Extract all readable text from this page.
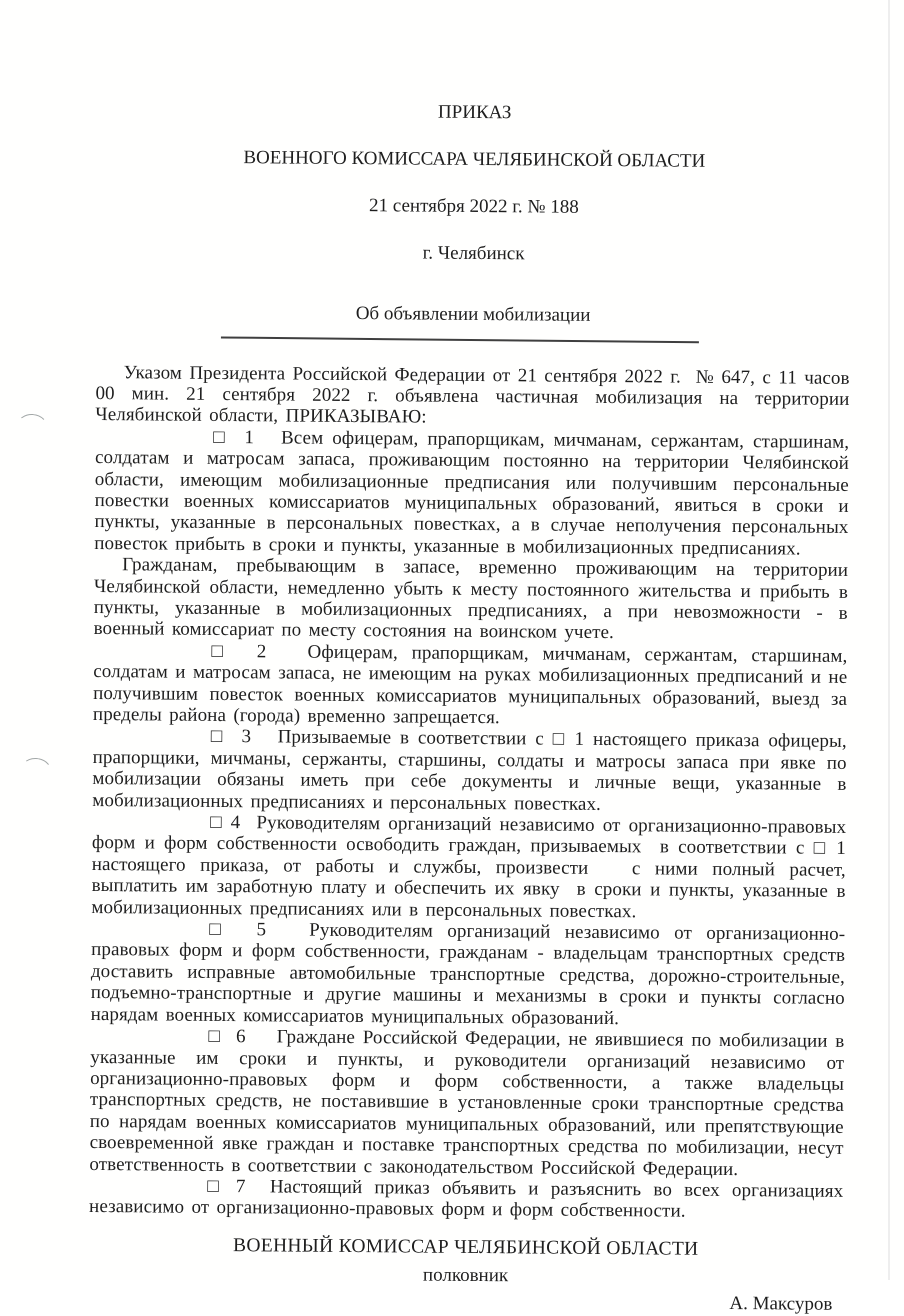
ПРИКАЗ

ВОЕННОГО КОМИССАРА ЧЕЛЯБИНСКОЙ ОБЛАСТИ

21 сентября 2022 г. № 188

г. Челябинск

Об объявлении мобилизации

Указом Президента Российской Федерации от 21 сентября 2022 г.  № 647, с 11 часов 00 мин. 21 сентября 2022 г. объявлена частичная мобилизация на территории Челябинской области, ПРИКАЗЫВАЮ:

□  1   Всем офицерам, прапорщикам, мичманам, сержантам, старшинам, солдатам и матросам запаса, проживающим постоянно на территории Челябинской области, имеющим мобилизационные предписания или получившим персональные повестки военных комиссариатов муниципальных образований, явиться в сроки и пункты, указанные в персональных повестках, а в случае неполучения персональных повесток прибыть в сроки и пункты, указанные в мобилизационных предписаниях.

Гражданам, пребывающим в запасе, временно проживающим на территории Челябинской области, немедленно убыть к месту постоянного жительства и прибыть в пункты, указанные в мобилизационных предписаниях, а при невозможности - в военный комиссариат по месту состояния на воинском учете.

□  2   Офицерам, прапорщикам, мичманам, сержантам, старшинам, солдатам и матросам запаса, не имеющим на руках мобилизационных предписаний и не получившим повесток военных комиссариатов муниципальных образований, выезд за пределы района (города) временно запрещается.

□  3   Призываемые в соответствии с □ 1 настоящего приказа офицеры, прапорщики, мичманы, сержанты, старшины, солдаты и матросы запаса при явке по мобилизации обязаны иметь при себе документы и личные вещи, указанные в мобилизационных предписаниях и персональных повестках.

□ 4  Руководителям организаций независимо от организационно-правовых форм и форм собственности освободить граждан, призываемых  в соответствии с □ 1 настоящего приказа, от работы и службы, произвести   с ними полный расчет, выплатить им заработную плату и обеспечить их явку  в сроки и пункты, указанные в мобилизационных предписаниях или в персональных повестках.

□  5   Руководителям организаций независимо от организационно-правовых форм и форм собственности, гражданам - владельцам транспортных средств доставить исправные автомобильные транспортные средства, дорожно-строительные, подъемно-транспортные и другие машины и механизмы в сроки и пункты согласно нарядам военных комиссариатов муниципальных образований.

□  6    Граждане Российской Федерации, не явившиеся по мобилизации в указанные им сроки и пункты, и руководители организаций независимо от организационно-правовых форм и форм собственности, а также владельцы транспортных средств, не поставившие в установленные сроки транспортные средства по нарядам военных комиссариатов муниципальных образований, или препятствующие своевременной явке граждан и поставке транспортных средства по мобилизации, несут ответственность в соответствии с законодательством Российской Федерации.

□ 7  Настоящий приказ объявить и разъяснить во всех организациях независимо от организационно-правовых форм и форм собственности.

ВОЕННЫЙ КОМИССАР ЧЕЛЯБИНСКОЙ ОБЛАСТИ
полковник
А. Максуров
